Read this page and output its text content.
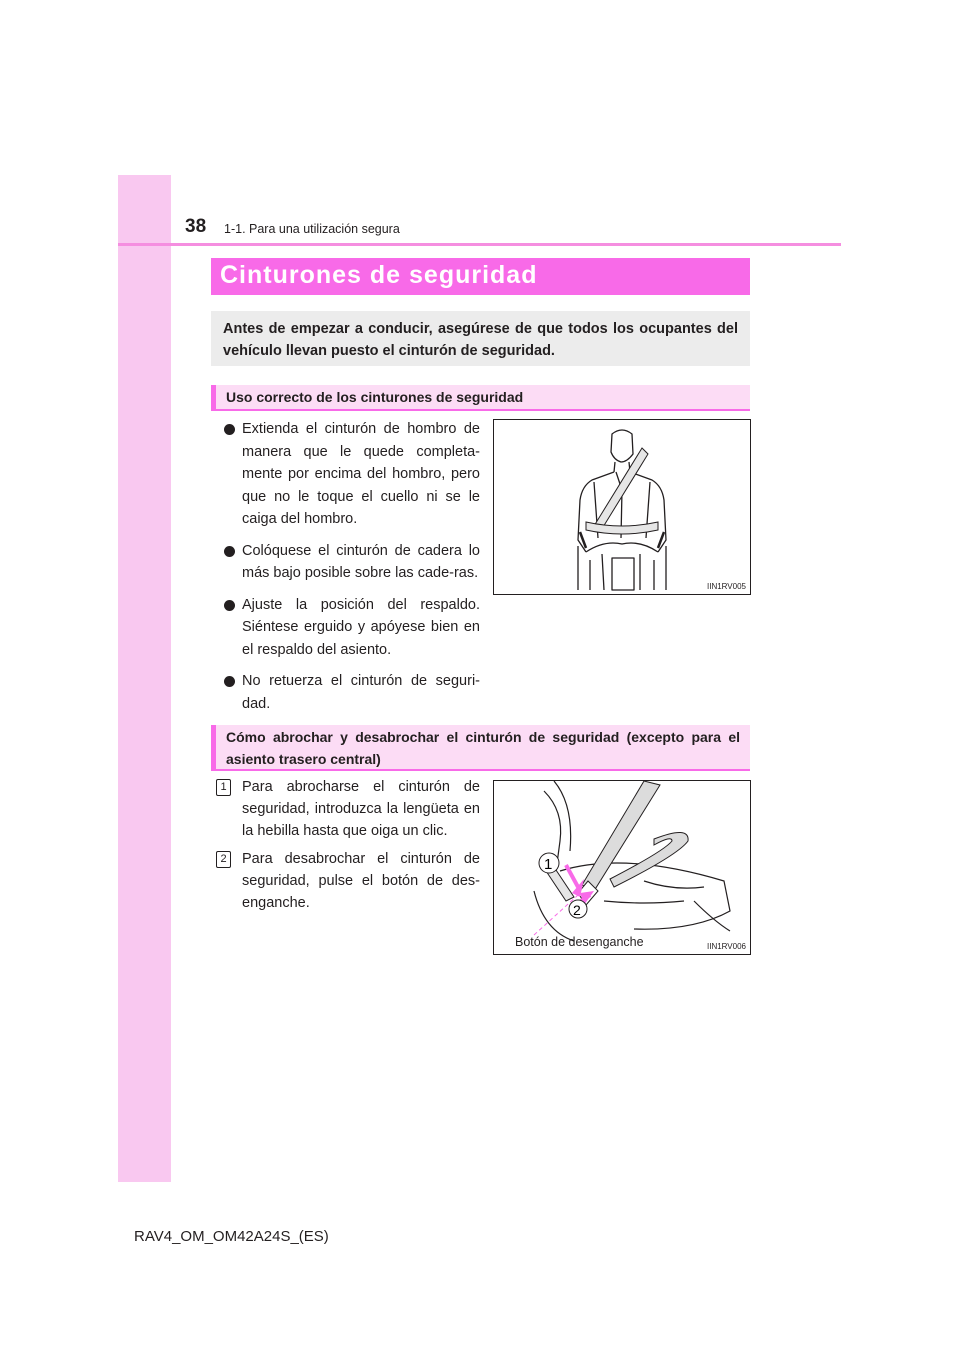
38 1-1. Para una utilización segura
Cinturones de seguridad

Antes de empezar a conducir, asegúrese de que todos los ocupantes del vehículo llevan puesto el cinturón de seguridad.

Uso correcto de los cinturones de seguridad
Extienda el cinturón de hombro de manera que le quede completa-mente por encima del hombro, pero que no le toque el cuello ni se le caiga del hombro.
Colóquese el cinturón de cadera lo más bajo posible sobre las cade-ras.
Ajuste la posición del respaldo. Siéntese erguido y apóyese bien en el respaldo del asiento.
No retuerza el cinturón de seguri-dad.
IIN1RV005
Cómo abrochar y desabrochar el cinturón de seguridad (excepto para el asiento trasero central)
1	Para abrocharse el cinturón de seguridad, introduzca la lengüeta en la hebilla hasta que oiga un clic.
2	Para desabrochar el cinturón de seguridad, pulse el botón de des-enganche.
1
2
Botón de desenganche	IIN1RV006
RAV4_OM_OM42A24S_(ES)
